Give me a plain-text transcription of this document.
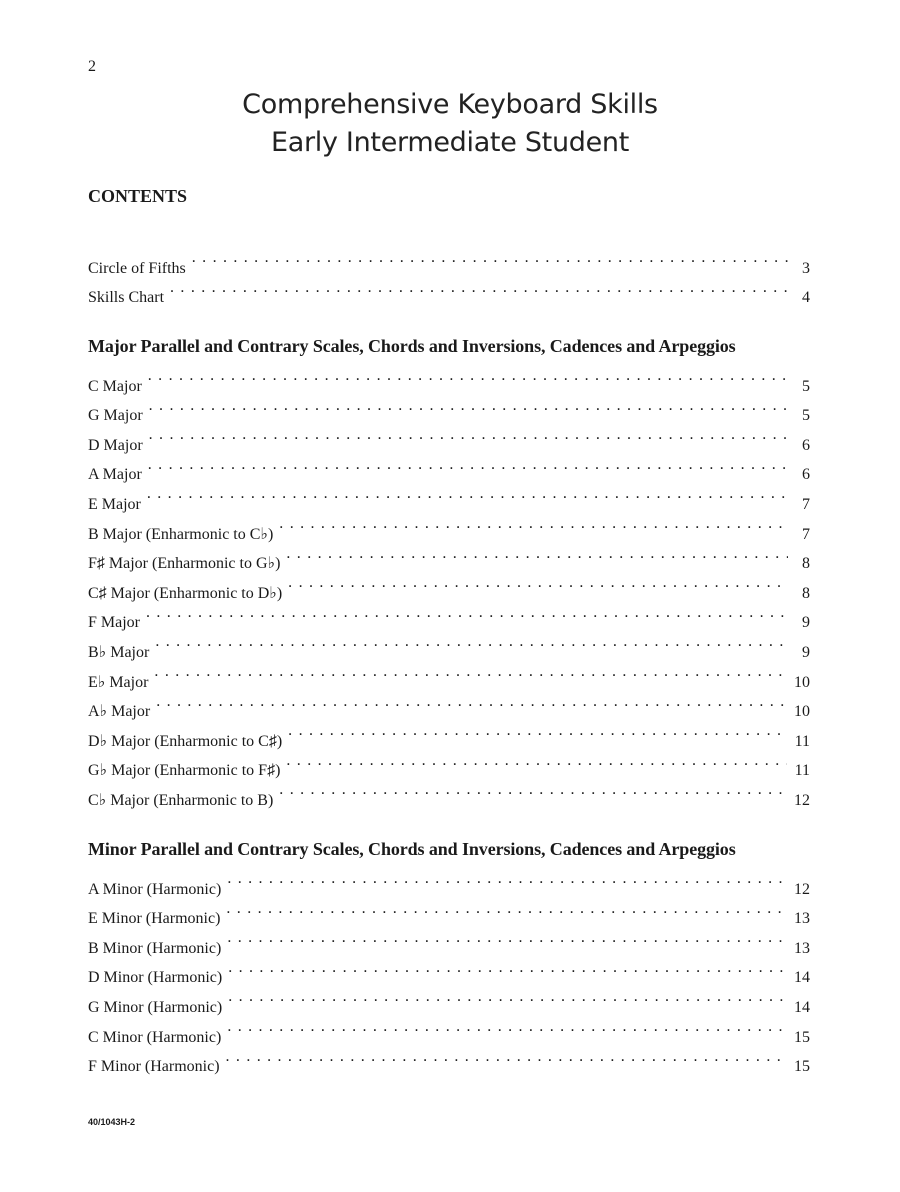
2
Comprehensive Keyboard Skills
Early Intermediate Student
CONTENTS
Circle of Fifths . . .	3
Skills Chart . . .	4
Major Parallel and Contrary Scales, Chords and Inversions, Cadences and Arpeggios
C Major . . .	5
G Major . . .	5
D Major . . .	6
A Major . . .	6
E Major . . .	7
B Major (Enharmonic to C♭) . . .	7
F♯ Major (Enharmonic to G♭) . . .	8
C♯ Major (Enharmonic to D♭) . . .	8
F Major . . .	9
B♭ Major . . .	9
E♭ Major . . .	10
A♭ Major . . .	10
D♭ Major (Enharmonic to C♯) . . .	11
G♭ Major (Enharmonic to F♯) . . .	11
C♭ Major (Enharmonic to B) . . .	12
Minor Parallel and Contrary Scales, Chords and Inversions, Cadences and Arpeggios
A Minor (Harmonic) . . .	12
E Minor (Harmonic) . . .	13
B Minor (Harmonic) . . .	13
D Minor (Harmonic) . . .	14
G Minor (Harmonic) . . .	14
C Minor (Harmonic) . . .	15
F Minor (Harmonic) . . .	15
40/1043H-2
